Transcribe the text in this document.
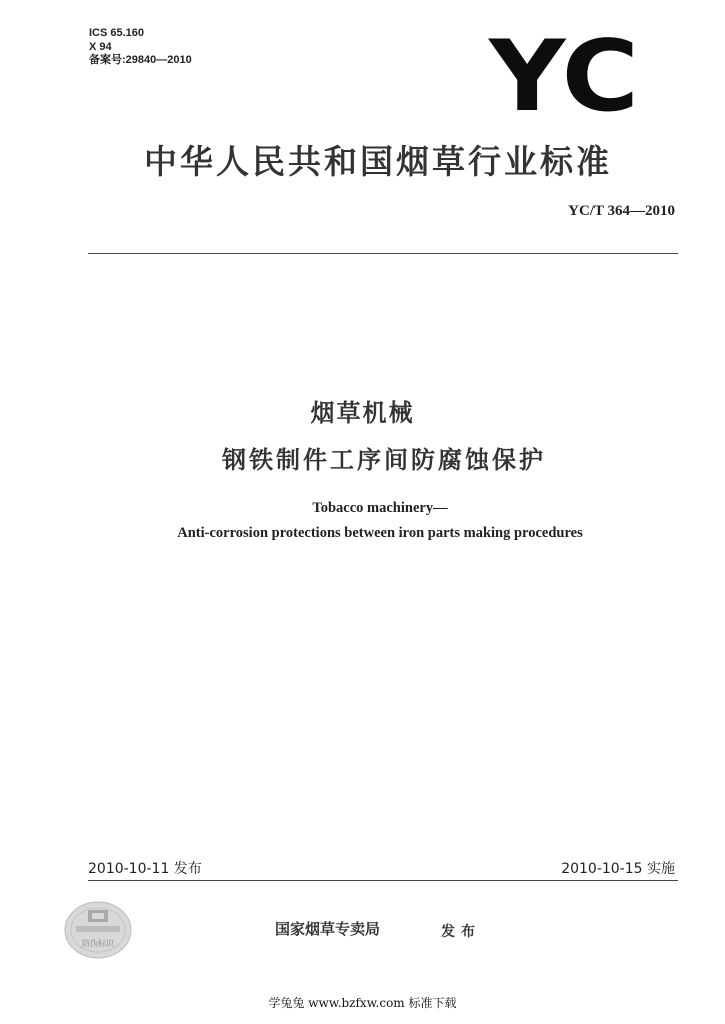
ICS 65.160
X 94
备案号:29840—2010	YC
中华人民共和国烟草行业标准
YC/T 364—2010
烟草机械
钢铁制件工序间防腐蚀保护
Tobacco machinery—
Anti-corrosion protections between iron parts making procedures
2010-10-11 发布	2010-10-15 实施
防伪标识
国家烟草专卖局	发布
学兔兔 www.bzfxw.com 标准下载
